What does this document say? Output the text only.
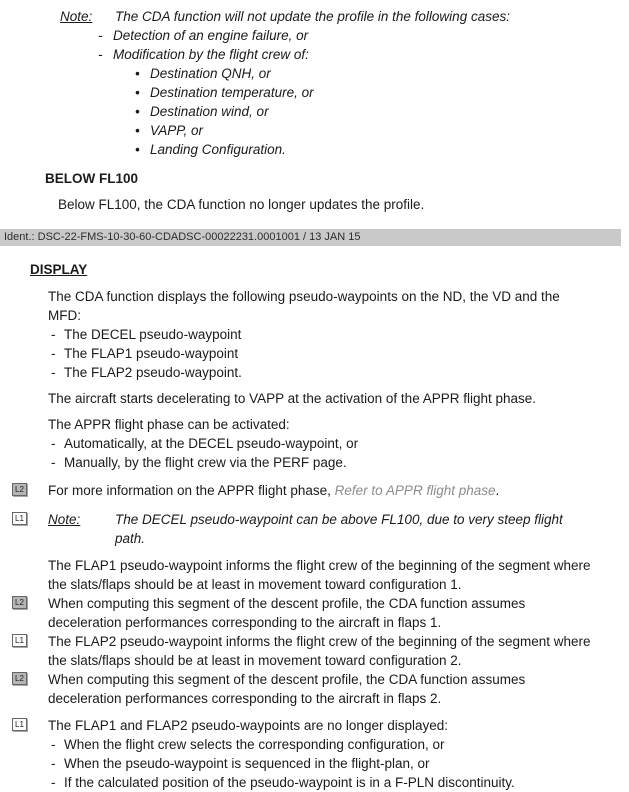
Note: The CDA function will not update the profile in the following cases:
- Detection of an engine failure, or
- Modification by the flight crew of:
• Destination QNH, or
• Destination temperature, or
• Destination wind, or
• VAPP, or
• Landing Configuration.
BELOW FL100
Below FL100, the CDA function no longer updates the profile.
Ident.: DSC-22-FMS-10-30-60-CDADSC-00022231.0001001 / 13 JAN 15
DISPLAY
The CDA function displays the following pseudo-waypoints on the ND, the VD and the MFD:
- The DECEL pseudo-waypoint
- The FLAP1 pseudo-waypoint
- The FLAP2 pseudo-waypoint.
The aircraft starts decelerating to VAPP at the activation of the APPR flight phase.
The APPR flight phase can be activated:
- Automatically, at the DECEL pseudo-waypoint, or
- Manually, by the flight crew via the PERF page.
L2 For more information on the APPR flight phase, Refer to APPR flight phase.
L1 Note:	The DECEL pseudo-waypoint can be above FL100, due to very steep flight path.
The FLAP1 pseudo-waypoint informs the flight crew of the beginning of the segment where the slats/flaps should be at least in movement toward configuration 1.
L2 When computing this segment of the descent profile, the CDA function assumes deceleration performances corresponding to the aircraft in flaps 1.
L1 The FLAP2 pseudo-waypoint informs the flight crew of the beginning of the segment where the slats/flaps should be at least in movement toward configuration 2.
L2 When computing this segment of the descent profile, the CDA function assumes deceleration performances corresponding to the aircraft in flaps 2.
L1 The FLAP1 and FLAP2 pseudo-waypoints are no longer displayed:
- When the flight crew selects the corresponding configuration, or
- When the pseudo-waypoint is sequenced in the flight-plan, or
- If the calculated position of the pseudo-waypoint is in a F-PLN discontinuity.
